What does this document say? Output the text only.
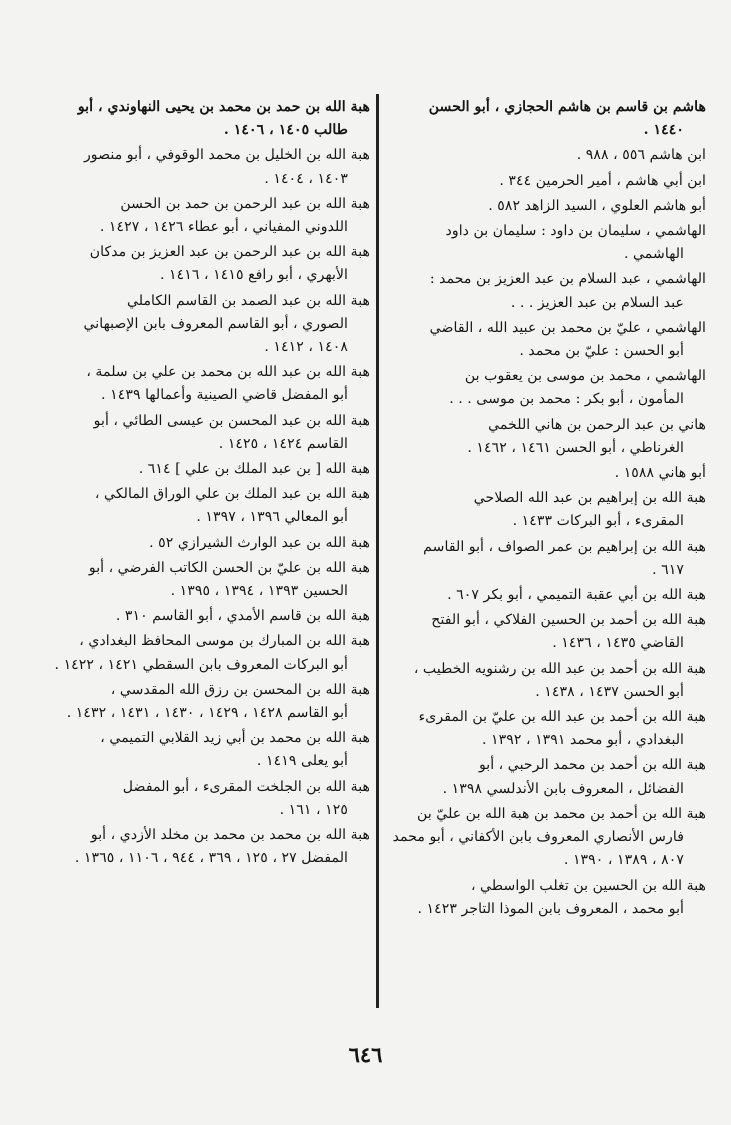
هاشم بن قاسم بن هاشم الحجازي ، أبو الحسن
١٤٤٠ .
ابن هاشم ٥٥٦ ، ٩٨٨ .
ابن أبي هاشم ، أمير الحرمين ٣٤٤ .
أبو هاشم العلوي ، السيد الزاهد ٥٨٢ .
الهاشمي ، سليمان بن داود : سليمان بن داود
الهاشمي .
الهاشمي ، عبد السلام بن عبد العزيز بن محمد :
عبد السلام بن عبد العزيز . . .
الهاشمي ، عليّ بن محمد بن عبيد الله ، القاضي
أبو الحسن : عليّ بن محمد .
الهاشمي ، محمد بن موسى بن يعقوب بن
المأمون ، أبو بكر : محمد بن موسى . . .
هاني بن عبد الرحمن بن هاني اللخمي
الغرناطي ، أبو الحسن ١٤٦١ ، ١٤٦٢ .
أبو هاني ١٥٨٨ .
هبة الله بن إبراهيم بن عبد الله الصلاحي
المقرىء ، أبو البركات ١٤٣٣ .
هبة الله بن إبراهيم بن عمر الصواف ، أبو القاسم
٦١٧ .
هبة الله بن أبي عقبة التميمي ، أبو بكر ٦٠٧ .
هبة الله بن أحمد بن الحسين الفلاكي ، أبو الفتح
القاضي ١٤٣٥ ، ١٤٣٦ .
هبة الله بن أحمد بن عبد الله بن رشنويه الخطيب ،
أبو الحسن ١٤٣٧ ، ١٤٣٨ .
هبة الله بن أحمد بن عبد الله بن عليّ بن المقرىء
البغدادي ، أبو محمد ١٣٩١ ، ١٣٩٢ .
هبة الله بن أحمد بن محمد الرحبي ، أبو
الفضائل ، المعروف بابن الأندلسي ١٣٩٨ .
هبة الله بن أحمد بن محمد بن هبة الله بن عليّ بن
فارس الأنصاري المعروف بابن الأكفاني ، أبو محمد ٨٠٧ ، ١٣٨٩ ، ١٣٩٠ .
هبة الله بن الحسين بن تغلب الواسطي ،
أبو محمد ، المعروف بابن الموذا التاجر ١٤٢٣ .
هبة الله بن حمد بن محمد بن يحيى النهاوندي ، أبو
طالب ١٤٠٥ ، ١٤٠٦ .
هبة الله بن الخليل بن محمد الوقوفي ، أبو منصور
١٤٠٣ ، ١٤٠٤ .
هبة الله بن عبد الرحمن بن حمد بن الحسن
اللدوني المفياني ، أبو عطاء ١٤٢٦ ، ١٤٢٧ .
هبة الله بن عبد الرحمن بن عبد العزيز بن مدكان
الأبهري ، أبو رافع ١٤١٥ ، ١٤١٦ .
هبة الله بن عبد الصمد بن القاسم الكاملي
الصوري ، أبو القاسم المعروف بابن الإصبهاني ١٤٠٨ ، ١٤١٢ .
هبة الله بن عبد الله بن محمد بن علي بن سلمة ،
أبو المفضل قاضي الصينية وأعمالها ١٤٣٩ .
هبة الله بن عبد المحسن بن عيسى الطائي ، أبو
القاسم ١٤٢٤ ، ١٤٢٥ .
هبة الله [ بن عبد الملك بن علي ] ٦١٤ .
هبة الله بن عبد الملك بن علي الوراق المالكي ،
أبو المعالي ١٣٩٦ ، ١٣٩٧ .
هبة الله بن عبد الوارث الشيرازي ٥٢ .
هبة الله بن عليّ بن الحسن الكاتب الفرضي ، أبو
الحسين ١٣٩٣ ، ١٣٩٤ ، ١٣٩٥ .
هبة الله بن قاسم الأمدي ، أبو القاسم ٣١٠ .
هبة الله بن المبارك بن موسى المحافظ البغدادي ،
أبو البركات المعروف بابن السقطي ١٤٢١ ، ١٤٢٢ .
هبة الله بن المحسن بن رزق الله المقدسي ،
أبو القاسم ١٤٢٨ ، ١٤٢٩ ، ١٤٣٠ ، ١٤٣١ ، ١٤٣٢ .
هبة الله بن محمد بن أبي زيد القلابي التميمي ،
أبو يعلى ١٤١٩ .
هبة الله بن الجلخت المقرىء ، أبو المفضل
١٢٥ ، ١٦١ .
هبة الله بن محمد بن محمد بن مخلد الأزدي ، أبو
المفضل ٢٧ ، ١٢٥ ، ٣٦٩ ، ٩٤٤ ، ١١٠٦ ، ١٣٦٥ .
٦٤٦
